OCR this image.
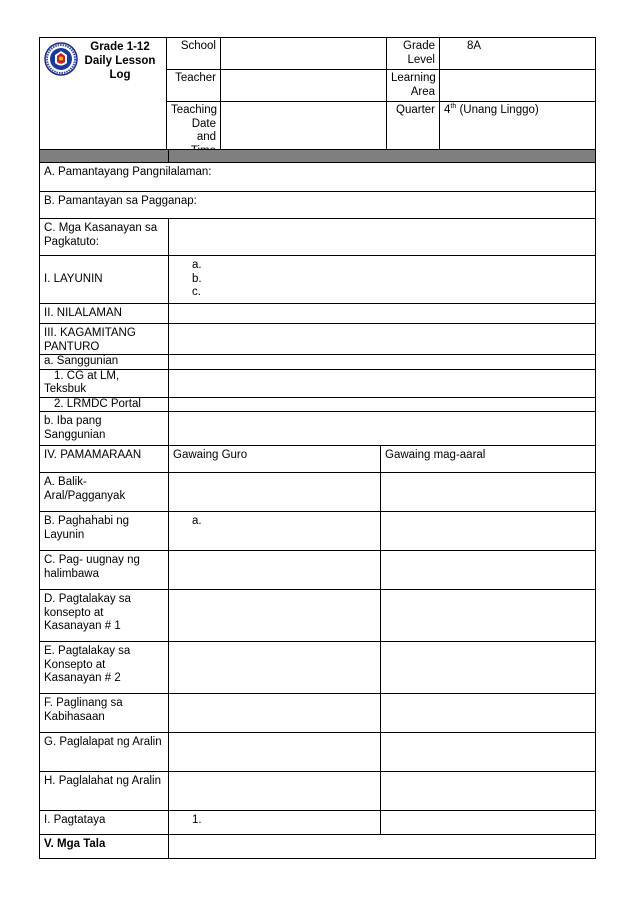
Grade 1-12
Daily Lesson
Log	School		Grade Level	8A
	Teacher		Learning Area	
	Teaching Date and		Quarter	4th (Unang Linggo)

A. Pamantayang Pangnilalaman:		
B. Pamantayan sa Pagganap:		
C. Mga Kasanayan sa Pagkatuto:		
I. LAYUNIN	a.
b.
c.	

II. NILALAMAN		
III. KAGAMITANG PANTURO		
a. Sanggunian		
1. CG at LM, Teksbuk		
2. LRMDC Portal		
b. Iba pang Sanggunian		
IV. PAMAMARAAN	Gawaing Guro	Gawaing mag-aaral
A. Balik-Aral/Pagganyak		
B. Paghahabi ng Layunin	a.	
C. Pag- uugnay ng halimbawa		
D. Pagtalakay sa konsepto at Kasanayan # 1		
E. Pagtalakay sa Konsepto at Kasanayan # 2		
F. Paglinang sa Kabihasaan		
G. Paglalapat ng Aralin		
H. Paglalahat ng Aralin		
I. Pagtataya	1.	
V. Mga Tala		
